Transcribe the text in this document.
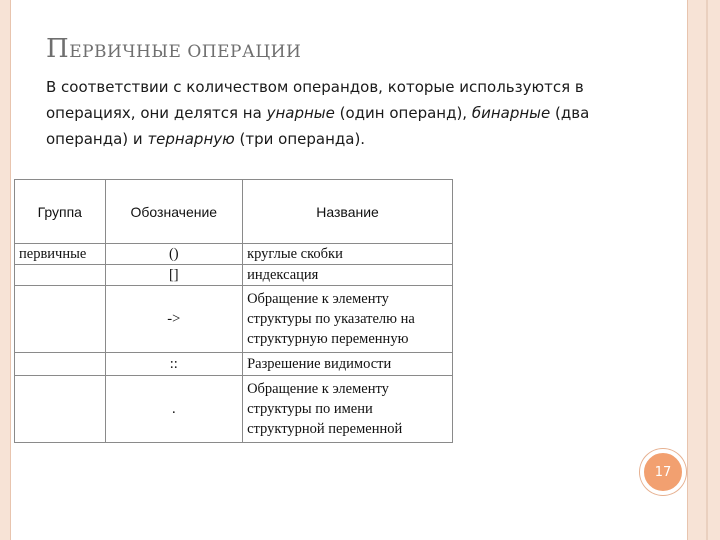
ПЕРВИЧНЫЕ ОПЕРАЦИИ
В соответствии с количеством операндов, которые используются в операциях, они делятся на унарные (один операнд), бинарные (два операнда) и тернарную (три операнда).
Группа	Обозначение	Название
первичные	()	круглые скобки

	[]	индексация

	->	Обращение к элементу
структуры по указателю на
структурную переменную

	::	Разрешение видимости

	.	Обращение к элементу
структуры по имени
структурной переменной
17
